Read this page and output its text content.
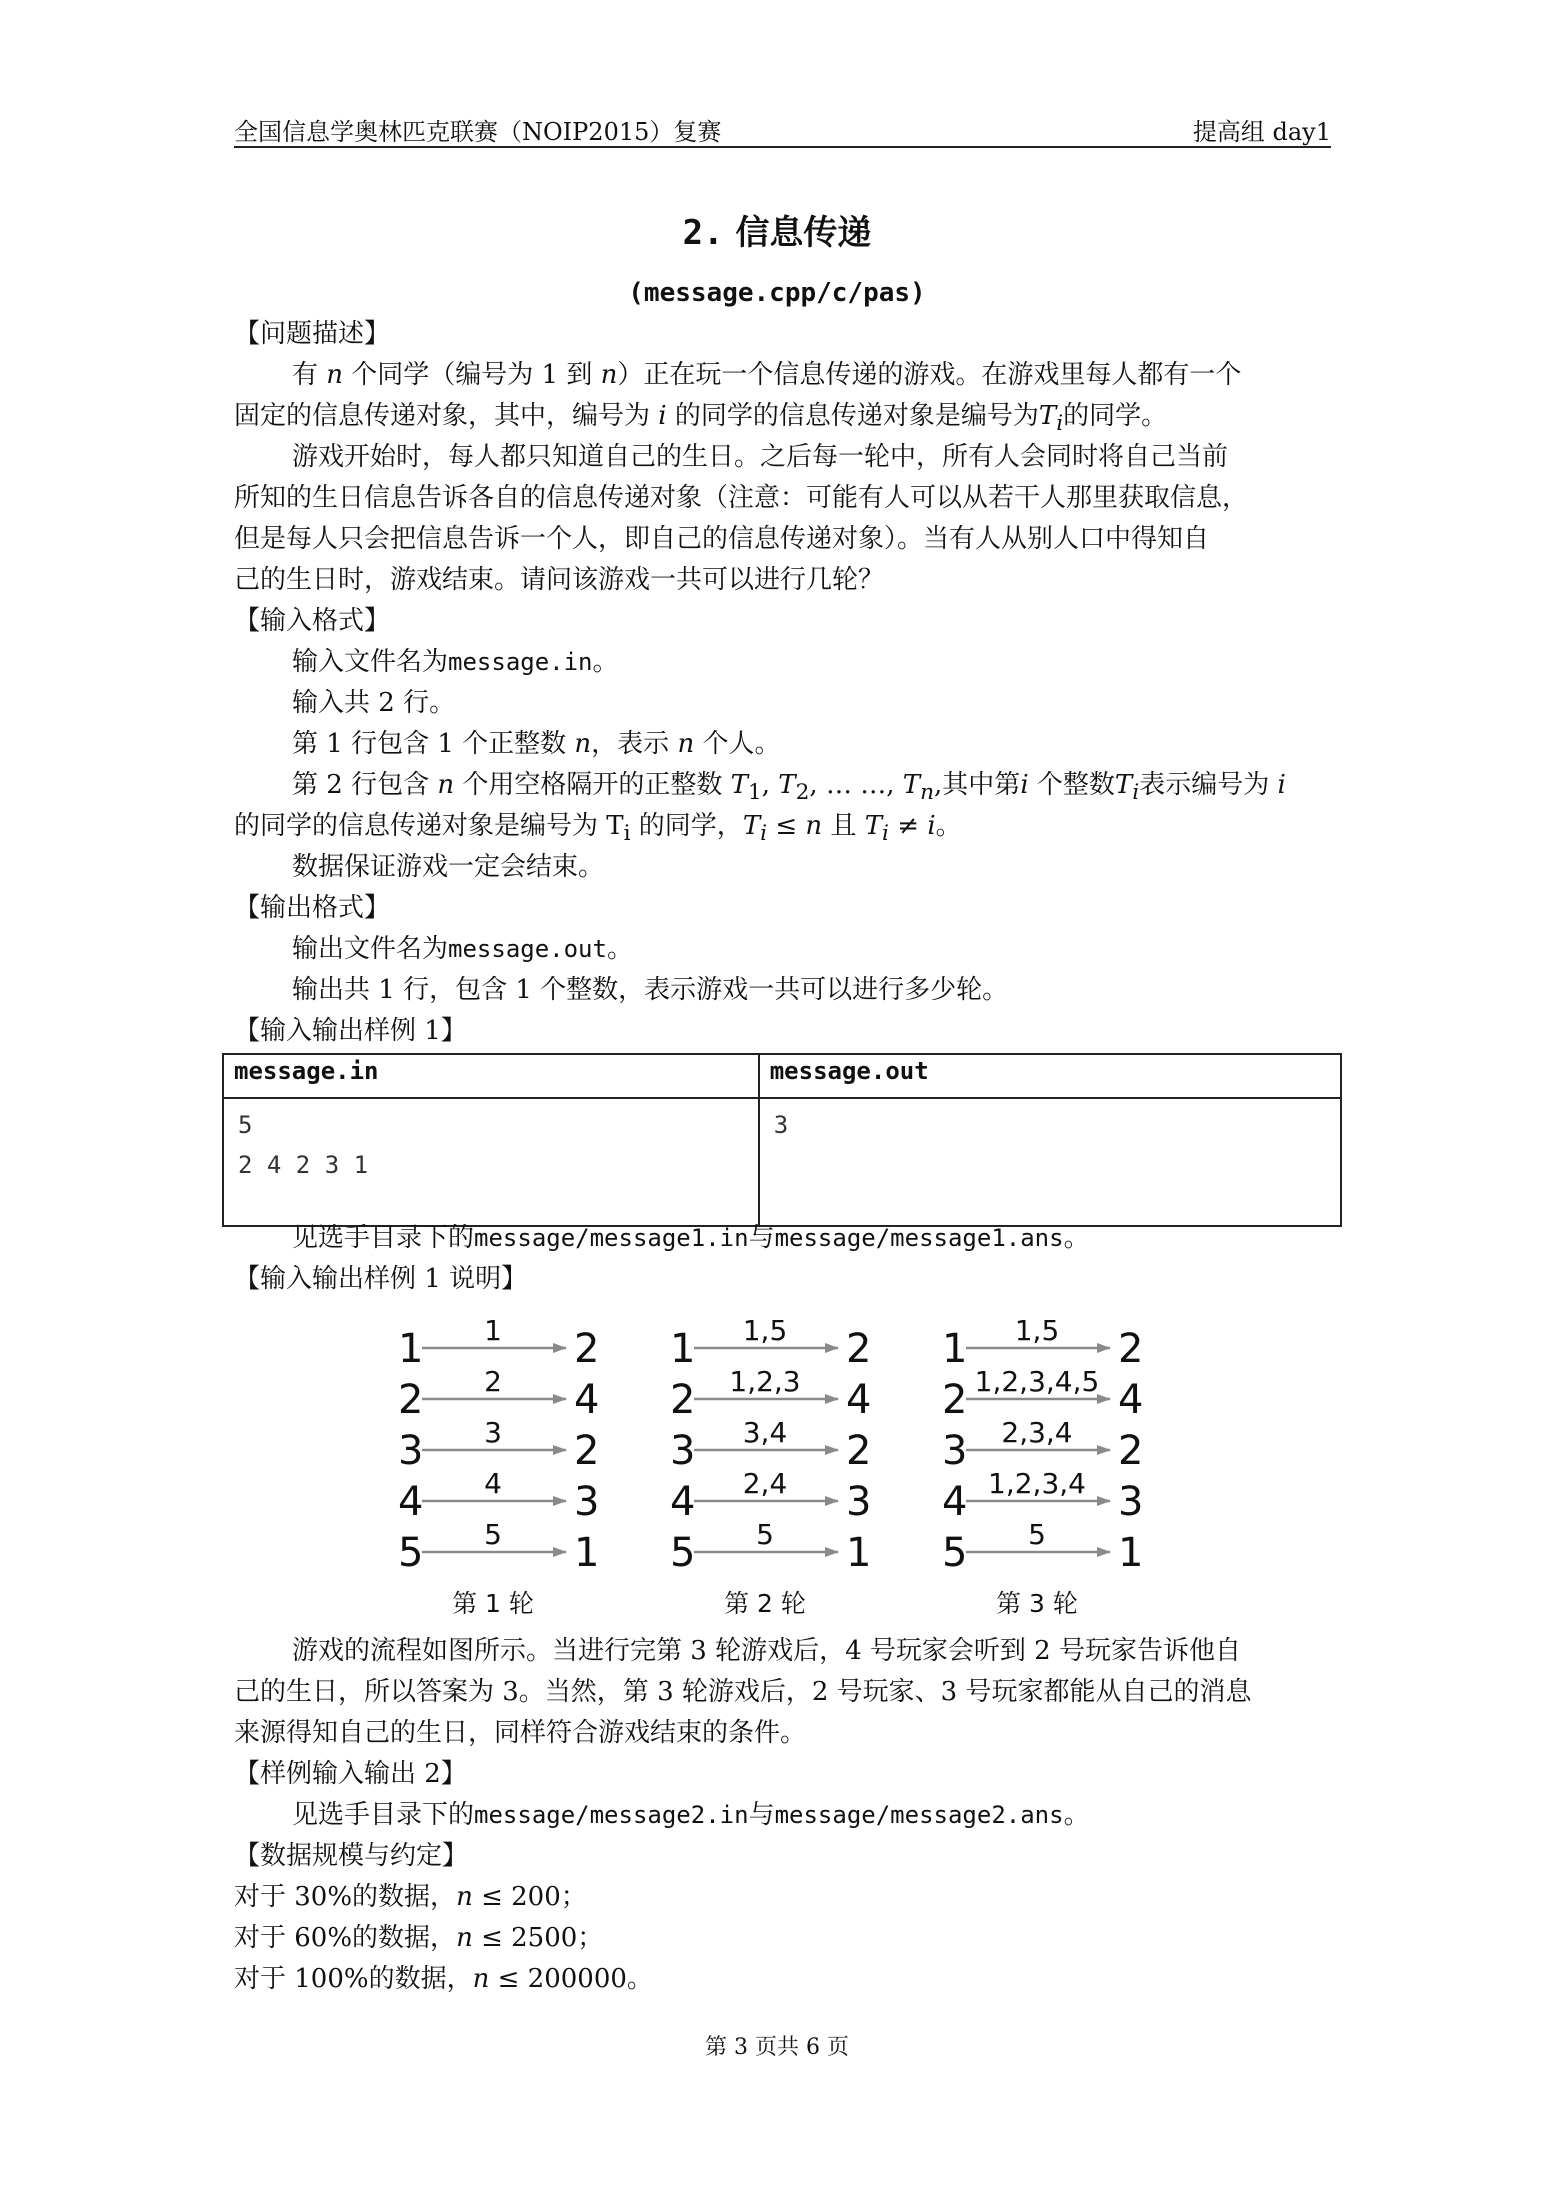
全国信息学奥林匹克联赛（NOIP2015）复赛	提高组 day1
2. 信息传递
(message.cpp/c/pas)
【问题描述】
有 n 个同学（编号为 1 到 n）正在玩一个信息传递的游戏。在游戏里每人都有一个
固定的信息传递对象，其中，编号为 i 的同学的信息传递对象是编号为$T_i$的同学。
游戏开始时，每人都只知道自己的生日。之后每一轮中，所有人会同时将自己当前
所知的生日信息告诉各自的信息传递对象（注意：可能有人可以从若干人那里获取信息，
但是每人只会把信息告诉一个人，即自己的信息传递对象）。当有人从别人口中得知自
己的生日时，游戏结束。请问该游戏一共可以进行几轮？
【输入格式】
输入文件名为message.in。
输入共 2 行。
第 1 行包含 1 个正整数 n，表示 n 个人。
第 2 行包含 n 个用空格隔开的正整数 $T_1$, $T_2$, … …, $T_n$,其中第i 个整数$T_i$表示编号为 i
的同学的信息传递对象是编号为 $T_i$ 的同学，$T_i \le n$ 且 $T_i \ne i$。
数据保证游戏一定会结束。
【输出格式】
输出文件名为message.out。
输出共 1 行，包含 1 个整数，表示游戏一共可以进行多少轮。
【输入输出样例 1】
message.in	message.out

5
2 4 2 3 1	3
见选手目录下的message/message1.in与message/message1.ans。
【输入输出样例 1 说明】
1 1 2
2 2 4
3 3 2
4 4 3
5 5 1
第 1 轮
1 1,5 2
2 1,2,3 4
3 3,4 2
4 2,4 3
5 5 1
第 2 轮
1 1,5 2
2 1,2,3,4,5 4
3 2,3,4 2
4 1,2,3,4 3
5 5 1
第 3 轮
游戏的流程如图所示。当进行完第 3 轮游戏后，4 号玩家会听到 2 号玩家告诉他自
己的生日，所以答案为 3。当然，第 3 轮游戏后，2 号玩家、3 号玩家都能从自己的消息
来源得知自己的生日，同样符合游戏结束的条件。
【样例输入输出 2】
见选手目录下的message/message2.in与message/message2.ans。
【数据规模与约定】
对于 30%的数据，n ≤ 200；
对于 60%的数据，n ≤ 2500；
对于 100%的数据，n ≤ 200000。
第 3 页共 6 页
